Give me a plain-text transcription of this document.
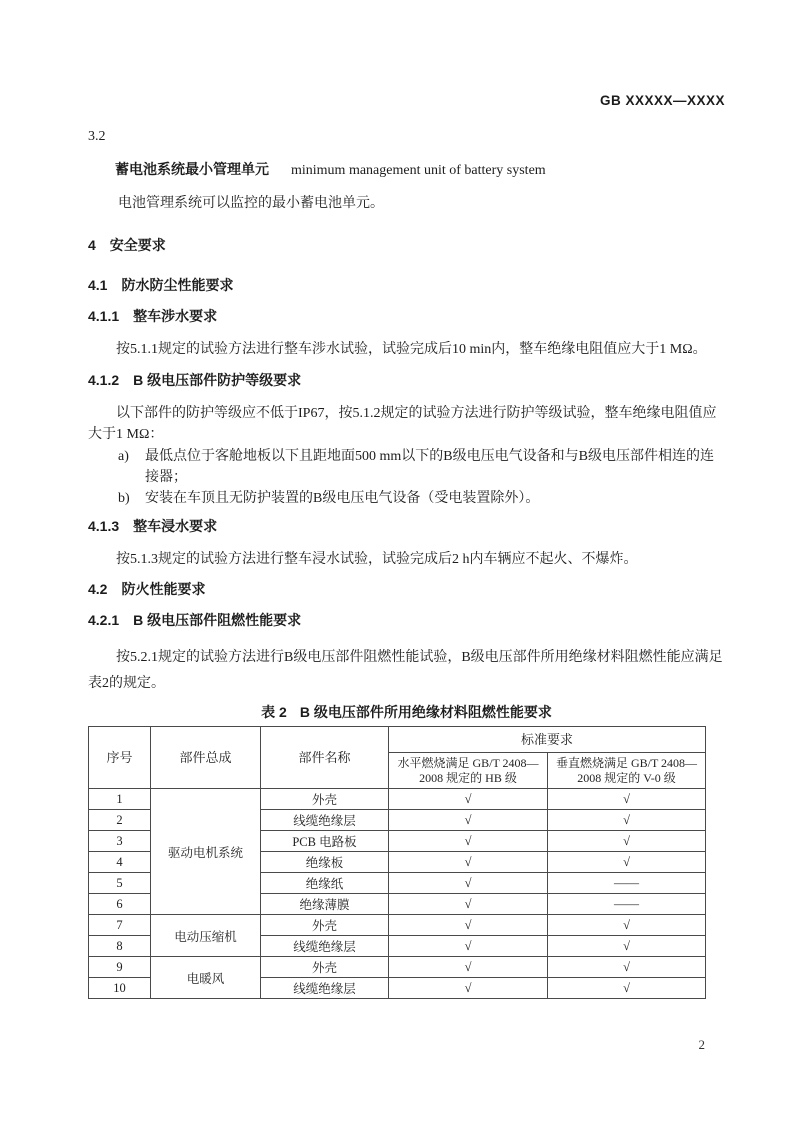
GB XXXXX—XXXX
3.2
蓄电池系统最小管理单元 minimum management unit of battery system
电池管理系统可以监控的最小蓄电池单元。
4 安全要求
4.1 防水防尘性能要求
4.1.1 整车涉水要求
按5.1.1规定的试验方法进行整车涉水试验，试验完成后10 min内，整车绝缘电阻值应大于1 MΩ。
4.1.2 B 级电压部件防护等级要求
以下部件的防护等级应不低于IP67，按5.1.2规定的试验方法进行防护等级试验，整车绝缘电阻值应大于1 MΩ：
a) 最低点位于客舱地板以下且距地面500 mm以下的B级电压电气设备和与B级电压部件相连的连接器；
b) 安装在车顶且无防护装置的B级电压电气设备（受电装置除外）。
4.1.3 整车浸水要求
按5.1.3规定的试验方法进行整车浸水试验，试验完成后2 h内车辆应不起火、不爆炸。
4.2 防火性能要求
4.2.1 B 级电压部件阻燃性能要求
按5.2.1规定的试验方法进行B级电压部件阻燃性能试验，B级电压部件所用绝缘材料阻燃性能应满足表2的规定。
表 2 B 级电压部件所用绝缘材料阻燃性能要求
序号	部件总成	部件名称	标准要求	
			水平燃烧满足 GB/T 2408—2008 规定的 HB 级	垂直燃烧满足 GB/T 2408—2008 规定的 V-0 级
1	驱动电机系统	外壳	√	√
2		线缆绝缘层	√	√
3		PCB 电路板	√	√
4		绝缘板	√	√
5		绝缘纸	√	——
6		绝缘薄膜	√	——
7	电动压缩机	外壳	√	√
8		线缆绝缘层	√	√
9	电暖风	外壳	√	√
10		线缆绝缘层	√	√
2
